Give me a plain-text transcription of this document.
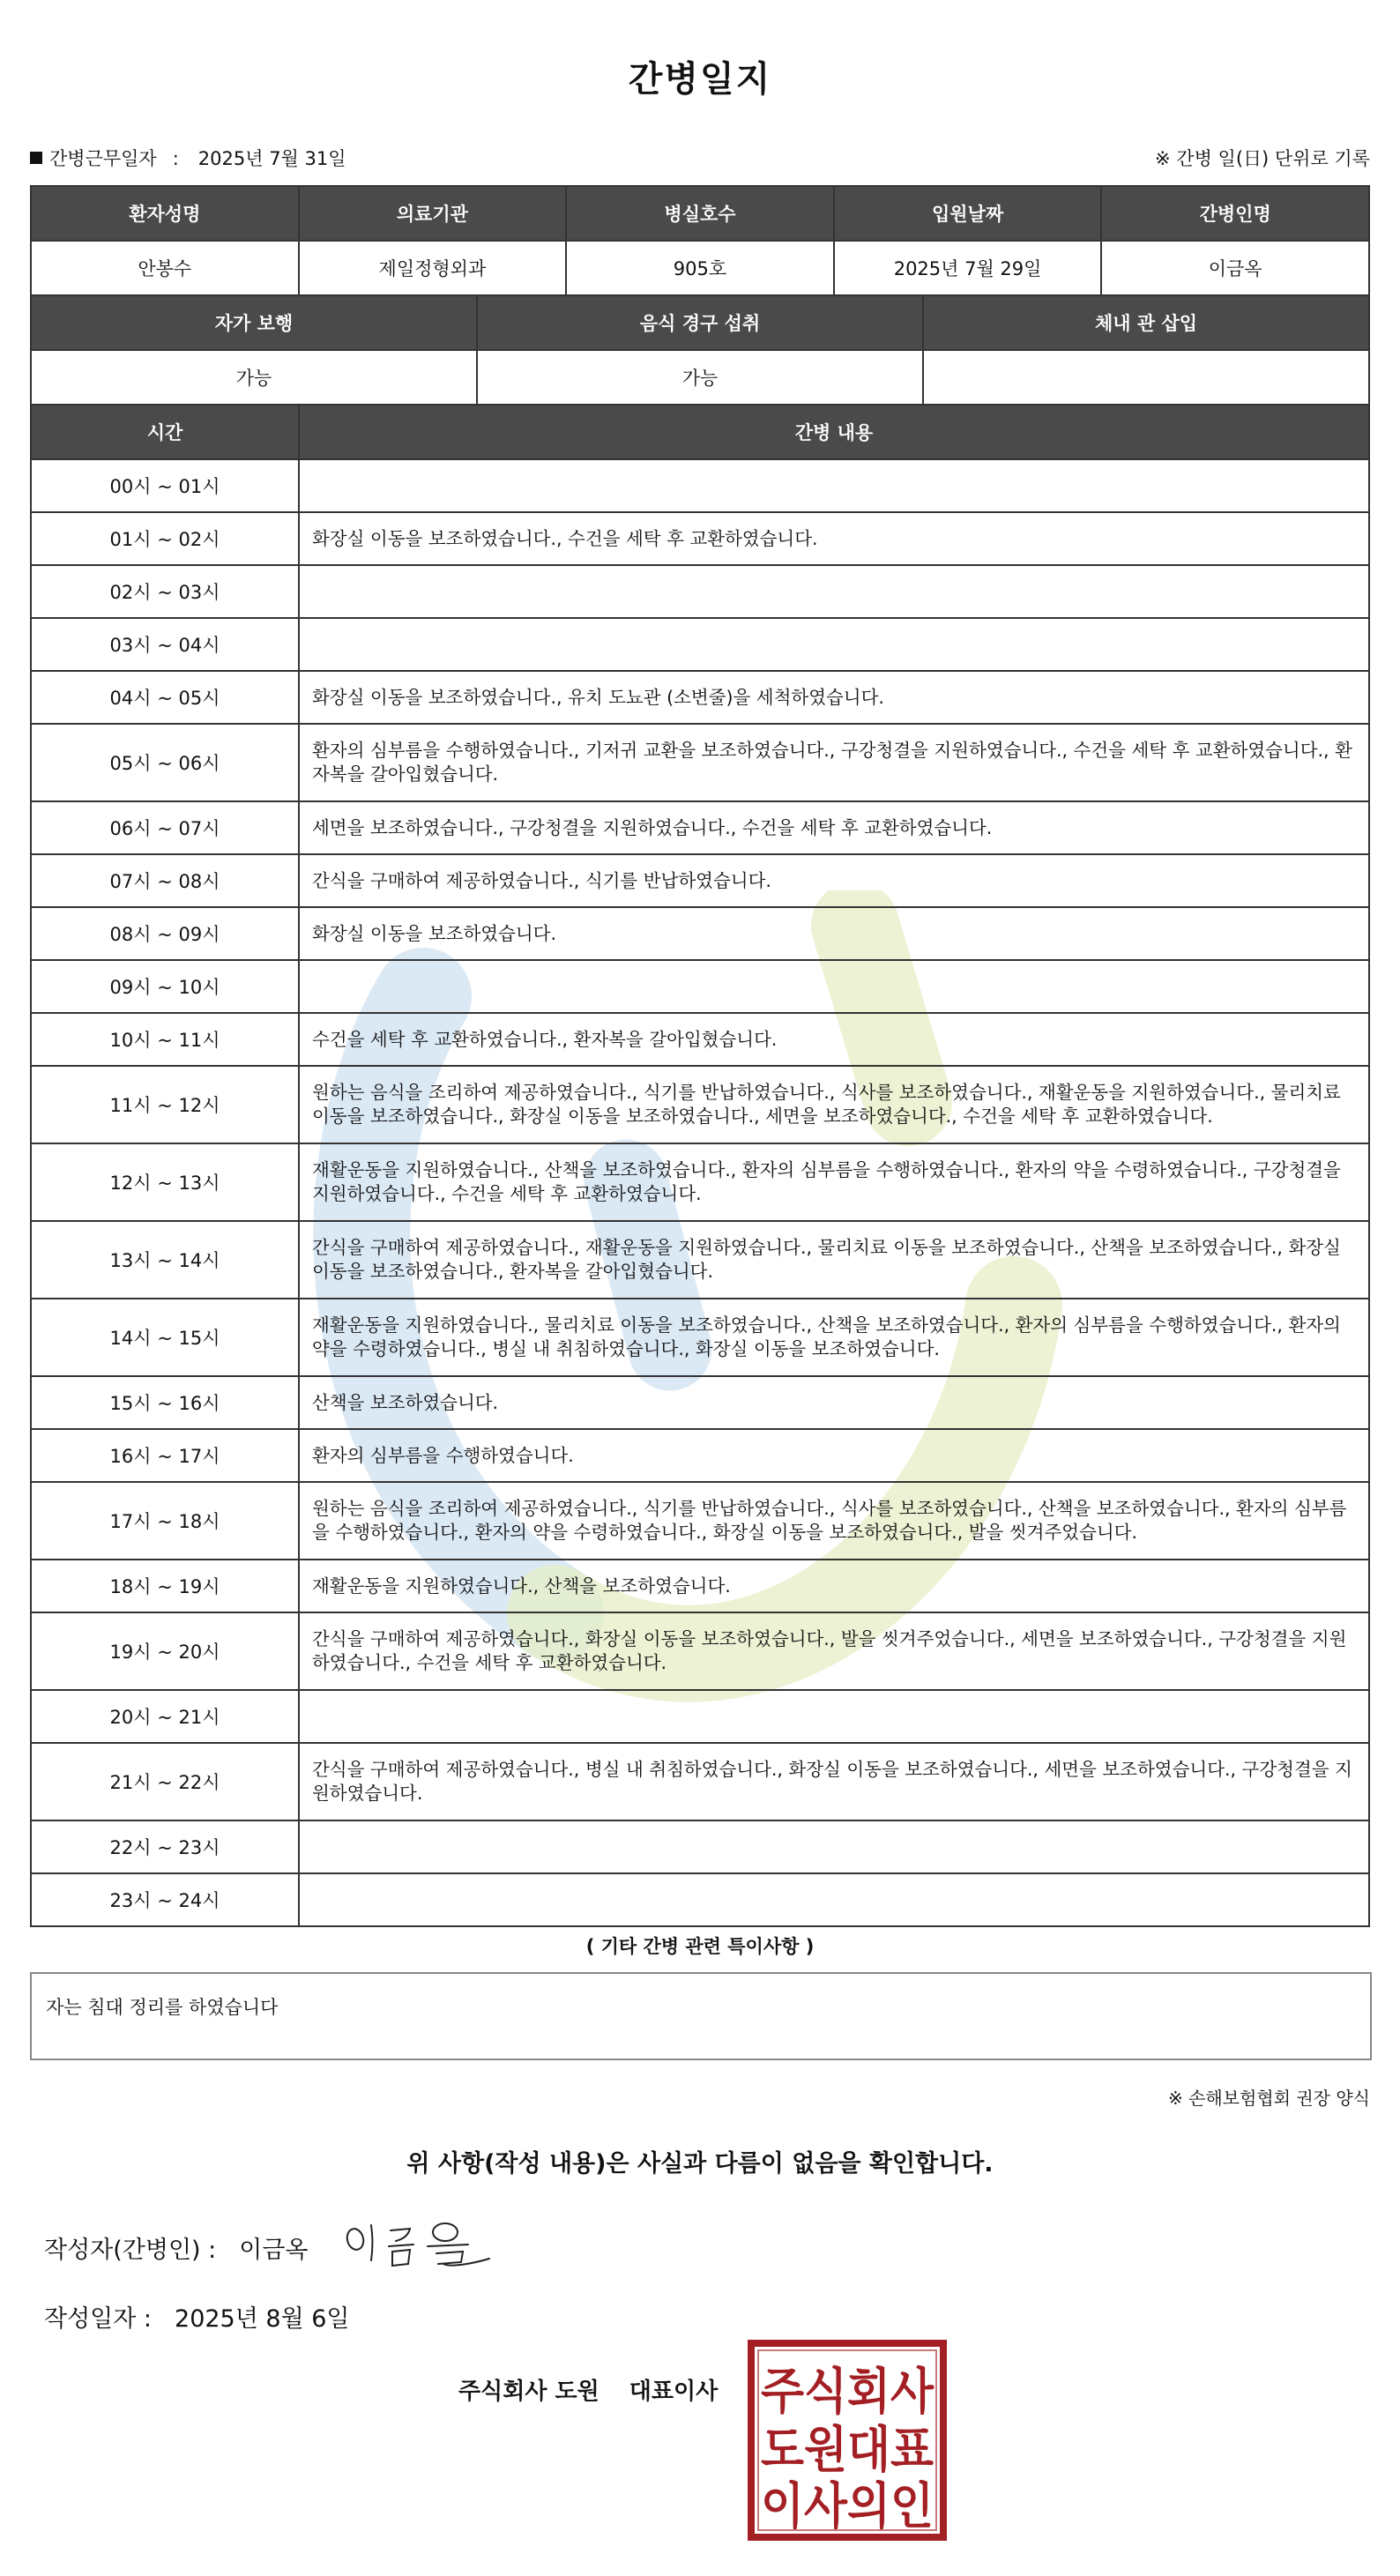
간병일지
간병근무일자 : 2025년 7월 31일	※ 간병 일(日) 단위로 기록
환자성명	의료기관	병실호수	입원날짜	간병인명
안봉수	제일정형외과	905호	2025년 7월 29일	이금옥
자가 보행	음식 경구 섭취	체내 관 삽입
가능	가능	
시간	간병 내용
00시 ~ 01시	
01시 ~ 02시	화장실 이동을 보조하였습니다., 수건을 세탁 후 교환하였습니다.
02시 ~ 03시	
03시 ~ 04시	
04시 ~ 05시	화장실 이동을 보조하였습니다., 유치 도뇨관 (소변줄)을 세척하였습니다.
05시 ~ 06시	환자의 심부름을 수행하였습니다., 기저귀 교환을 보조하였습니다., 구강청결을 지원하였습니다., 수건을 세탁 후 교환하였습니다., 환자복을 갈아입혔습니다.
06시 ~ 07시	세면을 보조하였습니다., 구강청결을 지원하였습니다., 수건을 세탁 후 교환하였습니다.
07시 ~ 08시	간식을 구매하여 제공하였습니다., 식기를 반납하였습니다.
08시 ~ 09시	화장실 이동을 보조하였습니다.
09시 ~ 10시	
10시 ~ 11시	수건을 세탁 후 교환하였습니다., 환자복을 갈아입혔습니다.
11시 ~ 12시	원하는 음식을 조리하여 제공하였습니다., 식기를 반납하였습니다., 식사를 보조하였습니다., 재활운동을 지원하였습니다., 물리치료 이동을 보조하였습니다., 화장실 이동을 보조하였습니다., 세면을 보조하였습니다., 수건을 세탁 후 교환하였습니다.
12시 ~ 13시	재활운동을 지원하였습니다., 산책을 보조하였습니다., 환자의 심부름을 수행하였습니다., 환자의 약을 수령하였습니다., 구강청결을 지원하였습니다., 수건을 세탁 후 교환하였습니다.
13시 ~ 14시	간식을 구매하여 제공하였습니다., 재활운동을 지원하였습니다., 물리치료 이동을 보조하였습니다., 산책을 보조하였습니다., 화장실 이동을 보조하였습니다., 환자복을 갈아입혔습니다.
14시 ~ 15시	재활운동을 지원하였습니다., 물리치료 이동을 보조하였습니다., 산책을 보조하였습니다., 환자의 심부름을 수행하였습니다., 환자의 약을 수령하였습니다., 병실 내 취침하였습니다., 화장실 이동을 보조하였습니다.
15시 ~ 16시	산책을 보조하였습니다.
16시 ~ 17시	환자의 심부름을 수행하였습니다.
17시 ~ 18시	원하는 음식을 조리하여 제공하였습니다., 식기를 반납하였습니다., 식사를 보조하였습니다., 산책을 보조하였습니다., 환자의 심부름을 수행하였습니다., 환자의 약을 수령하였습니다., 화장실 이동을 보조하였습니다., 발을 씻겨주었습니다.
18시 ~ 19시	재활운동을 지원하였습니다., 산책을 보조하였습니다.
19시 ~ 20시	간식을 구매하여 제공하였습니다., 화장실 이동을 보조하였습니다., 발을 씻겨주었습니다., 세면을 보조하였습니다., 구강청결을 지원하였습니다., 수건을 세탁 후 교환하였습니다.
20시 ~ 21시	
21시 ~ 22시	간식을 구매하여 제공하였습니다., 병실 내 취침하였습니다., 화장실 이동을 보조하였습니다., 세면을 보조하였습니다., 구강청결을 지원하였습니다.
22시 ~ 23시	
23시 ~ 24시	
( 기타 간병 관련 특이사항 )
자는 침대 정리를 하였습니다
※ 손해보험협회 권장 양식
위 사항(작성 내용)은 사실과 다름이 없음을 확인합니다.
작성자(간병인) : 이금옥
작성일자 : 2025년 8월 6일
주식회사 도원 대표이사 주식회사
도원대표
이사의인
